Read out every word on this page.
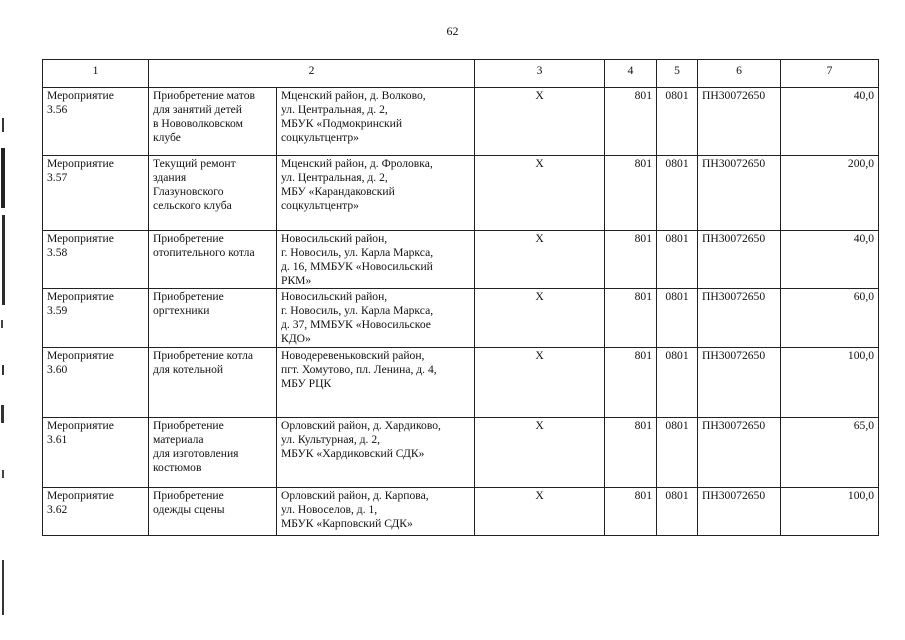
62
1	2		3	4	5	6	7

Мероприятие
3.56	Приобретение матов
для занятий детей
в Нововолковском
клубе	Мценский район, д. Волково,
ул. Центральная, д. 2,
МБУК «Подмокринский
соцкультцентр»	Х	801	0801	ПН30072650	40,0

Мероприятие
3.57	Текущий ремонт
здания
Глазуновского
сельского клуба	Мценский район, д. Фроловка,
ул. Центральная, д. 2,
МБУ «Карандаковский
соцкультцентр»	Х	801	0801	ПН30072650	200,0

Мероприятие
3.58	Приобретение
отопительного котла	Новосильский район,
г. Новосиль, ул. Карла Маркса,
д. 16, ММБУК «Новосильский
РКМ»	Х	801	0801	ПН30072650	40,0

Мероприятие
3.59	Приобретение
оргтехники	Новосильский район,
г. Новосиль, ул. Карла Маркса,
д. 37, ММБУК «Новосильское
КДО»	Х	801	0801	ПН30072650	60,0

Мероприятие
3.60	Приобретение котла
для котельной	Новодеревеньковский район,
пгт. Хомутово, пл. Ленина, д. 4,
МБУ РЦК	Х	801	0801	ПН30072650	100,0

Мероприятие
3.61	Приобретение
материала
для изготовления
костюмов	Орловский район, д. Хардиково,
ул. Культурная, д. 2,
МБУК «Хардиковский СДК»	Х	801	0801	ПН30072650	65,0

Мероприятие
3.62	Приобретение
одежды сцены	Орловский район, д. Карпова,
ул. Новоселов, д. 1,
МБУК «Карповский СДК»	Х	801	0801	ПН30072650	100,0
